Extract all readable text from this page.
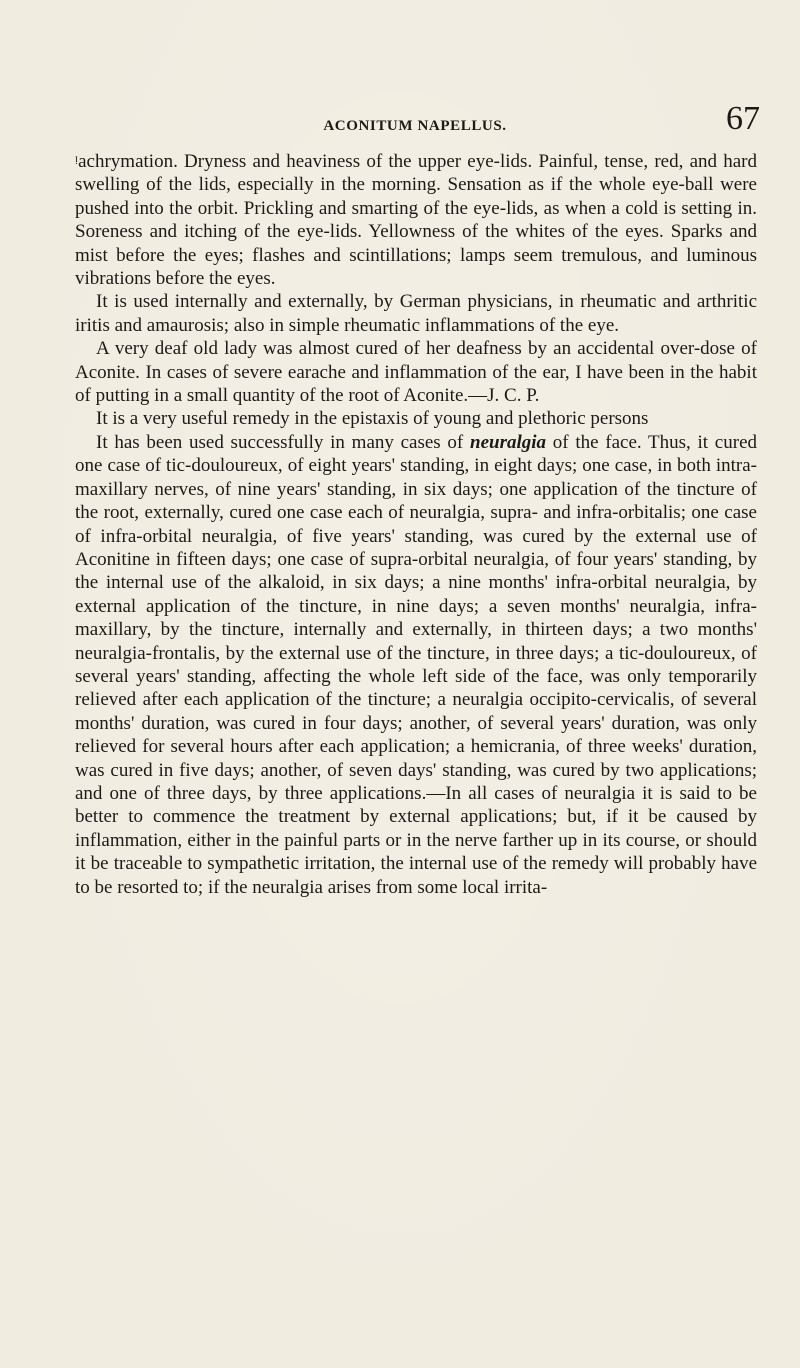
ACONITUM NAPELLUS.	67

ᵎachrymation. Dryness and heaviness of the upper eye-lids. Painful, tense, red, and hard swelling of the lids, especially in the morning. Sensation as if the whole eye-ball were pushed into the orbit. Prickling and smarting of the eye-lids, as when a cold is setting in. Soreness and itching of the eye-lids. Yellowness of the whites of the eyes. Sparks and mist before the eyes; flashes and scintillations; lamps seem tremulous, and luminous vibrations before the eyes.

It is used internally and externally, by German physicians, in rheumatic and arthritic iritis and amaurosis; also in simple rheumatic inflammations of the eye.

A very deaf old lady was almost cured of her deafness by an accidental over-dose of Aconite. In cases of severe earache and inflammation of the ear, I have been in the habit of putting in a small quantity of the root of Aconite.—J. C. P.

It is a very useful remedy in the epistaxis of young and plethoric persons

It has been used successfully in many cases of neuralgia of the face. Thus, it cured one case of tic-douloureux, of eight years' standing, in eight days; one case, in both intra-maxillary nerves, of nine years' standing, in six days; one application of the tincture of the root, externally, cured one case each of neuralgia, supra- and infra-orbitalis; one case of infra-orbital neuralgia, of five years' standing, was cured by the external use of Aconitine in fifteen days; one case of supra-orbital neuralgia, of four years' standing, by the internal use of the alkaloid, in six days; a nine months' infra-orbital neuralgia, by external application of the tincture, in nine days; a seven months' neuralgia, infra-maxillary, by the tincture, internally and externally, in thirteen days; a two months' neuralgia-frontalis, by the external use of the tincture, in three days; a tic-douloureux, of several years' standing, affecting the whole left side of the face, was only temporarily relieved after each application of the tincture; a neuralgia occipito-cervicalis, of several months' duration, was cured in four days; another, of several years' duration, was only relieved for several hours after each application; a hemicrania, of three weeks' duration, was cured in five days; another, of seven days' standing, was cured by two applications; and one of three days, by three applications.—In all cases of neuralgia it is said to be better to commence the treatment by external applications; but, if it be caused by inflammation, either in the painful parts or in the nerve farther up in its course, or should it be traceable to sympathetic irritation, the internal use of the remedy will probably have to be resorted to; if the neuralgia arises from some local irrita-
